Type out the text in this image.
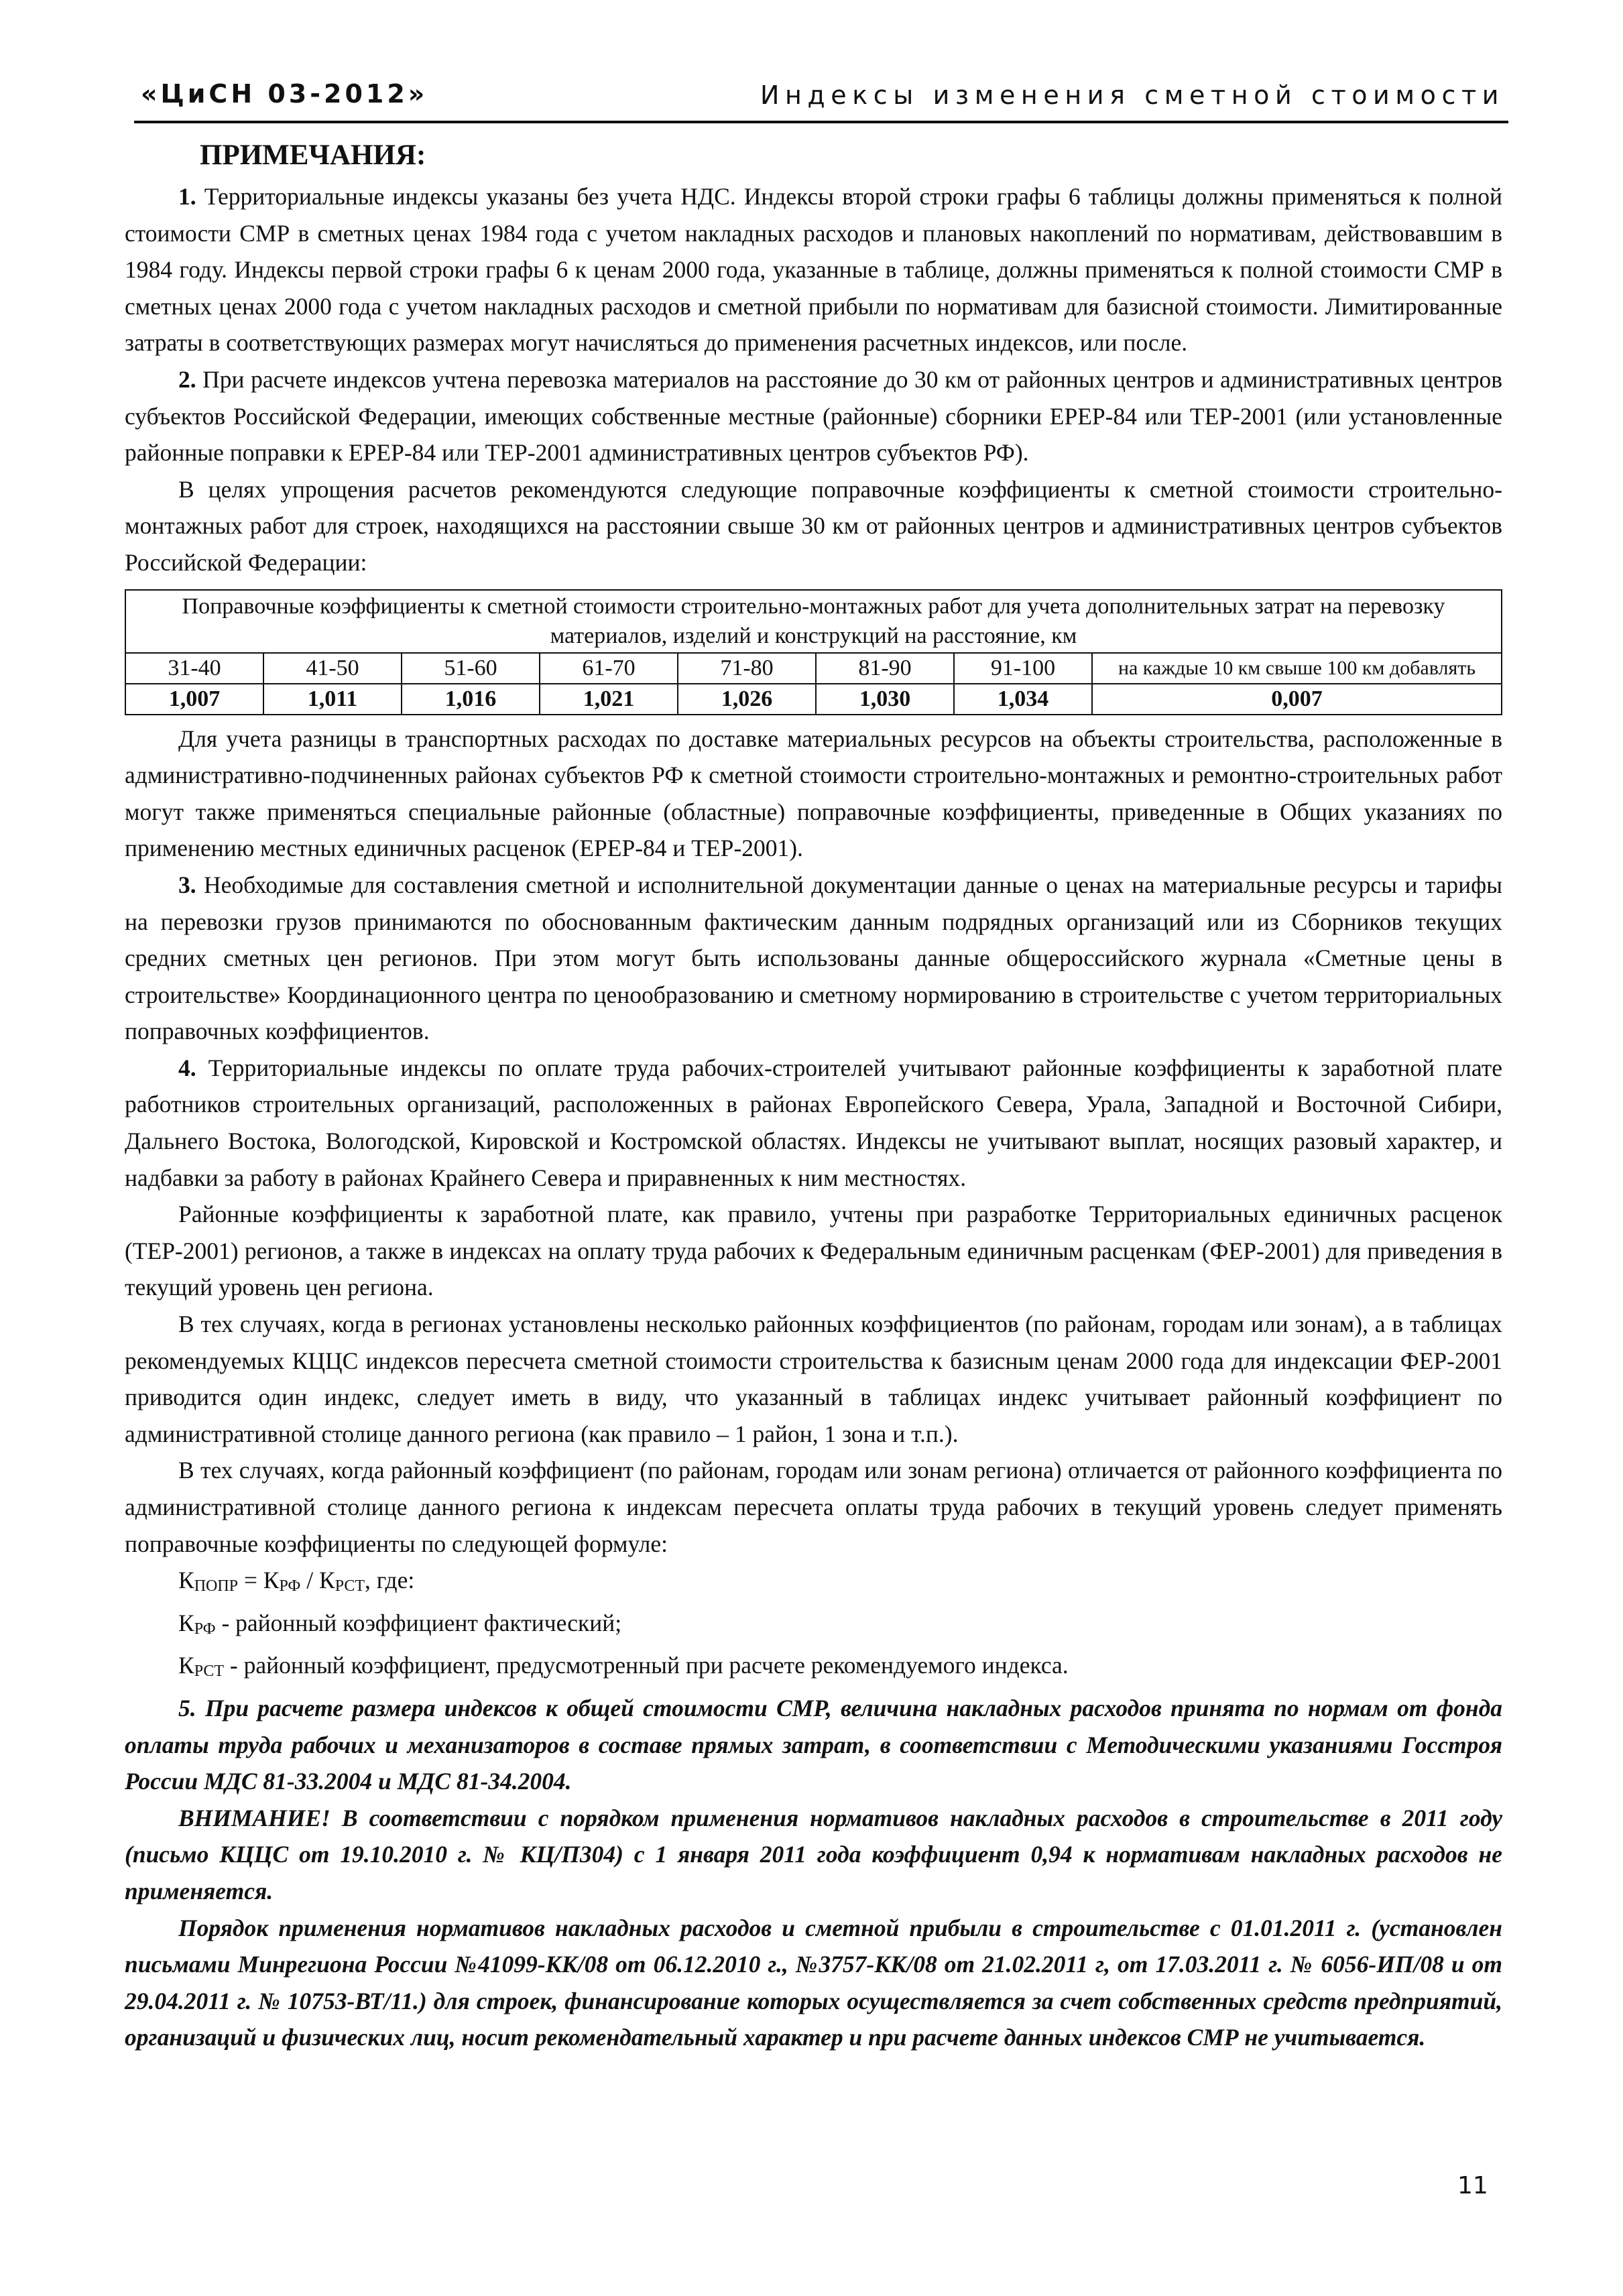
«ЦиСН 03-2012»	Индексы изменения сметной стоимости
ПРИМЕЧАНИЯ:

1. Территориальные индексы указаны без учета НДС. Индексы второй строки графы 6 таблицы должны применяться к полной стоимости СМР в сметных ценах 1984 года с учетом накладных расходов и плановых накоплений по нормативам, действовавшим в 1984 году. Индексы первой строки графы 6 к ценам 2000 года, указанные в таблице, должны применяться к полной стоимости СМР в сметных ценах 2000 года с учетом накладных расходов и сметной прибыли по нормативам для базисной стоимости. Лимитированные затраты в соответствующих размерах могут начисляться до применения расчетных индексов, или после.

2. При расчете индексов учтена перевозка материалов на расстояние до 30 км от районных центров и административных центров субъектов Российской Федерации, имеющих собственные местные (районные) сборники ЕРЕР-84 или ТЕР-2001 (или установленные районные поправки к ЕРЕР-84 или ТЕР-2001 административных центров субъектов РФ).

В целях упрощения расчетов рекомендуются следующие поправочные коэффициенты к сметной стоимости строительно-монтажных работ для строек, находящихся на расстоянии свыше 30 км от районных центров и административных центров субъектов Российской Федерации:

Поправочные коэффициенты к сметной стоимости строительно-монтажных работ для учета дополнительных затрат на перевозку материалов, изделий и конструкций на расстояние, км							
31-40	41-50	51-60	61-70	71-80	81-90	91-100	на каждые 10 км свыше 100 км добавлять
1,007	1,011	1,016	1,021	1,026	1,030	1,034	0,007

Для учета разницы в транспортных расходах по доставке материальных ресурсов на объекты строительства, расположенные в административно-подчиненных районах субъектов РФ к сметной стоимости строительно-монтажных и ремонтно-строительных работ могут также применяться специальные районные (областные) поправочные коэффициенты, приведенные в Общих указаниях по применению местных единичных расценок (ЕРЕР-84 и ТЕР-2001).

3. Необходимые для составления сметной и исполнительной документации данные о ценах на материальные ресурсы и тарифы на перевозки грузов принимаются по обоснованным фактическим данным подрядных организаций или из Сборников текущих средних сметных цен регионов. При этом могут быть использованы данные общероссийского журнала «Сметные цены в строительстве» Координационного центра по ценообразованию и сметному нормированию в строительстве с учетом территориальных поправочных коэффициентов.

4. Территориальные индексы по оплате труда рабочих-строителей учитывают районные коэффициенты к заработной плате работников строительных организаций, расположенных в районах Европейского Севера, Урала, Западной и Восточной Сибири, Дальнего Востока, Вологодской, Кировской и Костромской областях. Индексы не учитывают выплат, носящих разовый характер, и надбавки за работу в районах Крайнего Севера и приравненных к ним местностях.

Районные коэффициенты к заработной плате, как правило, учтены при разработке Территориальных единичных расценок (ТЕР-2001) регионов, а также в индексах на оплату труда рабочих к Федеральным единичным расценкам (ФЕР-2001) для приведения в текущий уровень цен региона.

В тех случаях, когда в регионах установлены несколько районных коэффициентов (по районам, городам или зонам), а в таблицах рекомендуемых КЦЦС индексов пересчета сметной стоимости строительства к базисным ценам 2000 года для индексации ФЕР-2001 приводится один индекс, следует иметь в виду, что указанный в таблицах индекс учитывает районный коэффициент по административной столице данного региона (как правило – 1 район, 1 зона и т.п.).

В тех случаях, когда районный коэффициент (по районам, городам или зонам региона) отличается от районного коэффициента по административной столице данного региона к индексам пересчета оплаты труда рабочих в текущий уровень следует применять поправочные коэффициенты по следующей формуле:

$К_{ПОПР} = К_{РФ} / К_{РСТ}$, где:

$К_{РФ}$ - районный коэффициент фактический;

$К_{РСТ}$ - районный коэффициент, предусмотренный при расчете рекомендуемого индекса.

5. При расчете размера индексов к общей стоимости СМР, величина накладных расходов принята по нормам от фонда оплаты труда рабочих и механизаторов в составе прямых затрат, в соответствии с Методическими указаниями Госстроя России МДС 81-33.2004 и МДС 81-34.2004.

ВНИМАНИЕ! В соответствии с порядком применения нормативов накладных расходов в строительстве в 2011 году (письмо КЦЦС от 19.10.2010 г. № КЦ/П304) с 1 января 2011 года коэффициент 0,94 к нормативам накладных расходов не применяется.

Порядок применения нормативов накладных расходов и сметной прибыли в строительстве с 01.01.2011 г. (установлен письмами Минрегиона России №41099-КК/08 от 06.12.2010 г., №3757-КК/08 от 21.02.2011 г, от 17.03.2011 г. № 6056-ИП/08 и от 29.04.2011 г. № 10753-ВТ/11.) для строек, финансирование которых осуществляется за счет собственных средств предприятий, организаций и физических лиц, носит рекомендательный характер и при расчете данных индексов СМР не учитывается.

11
